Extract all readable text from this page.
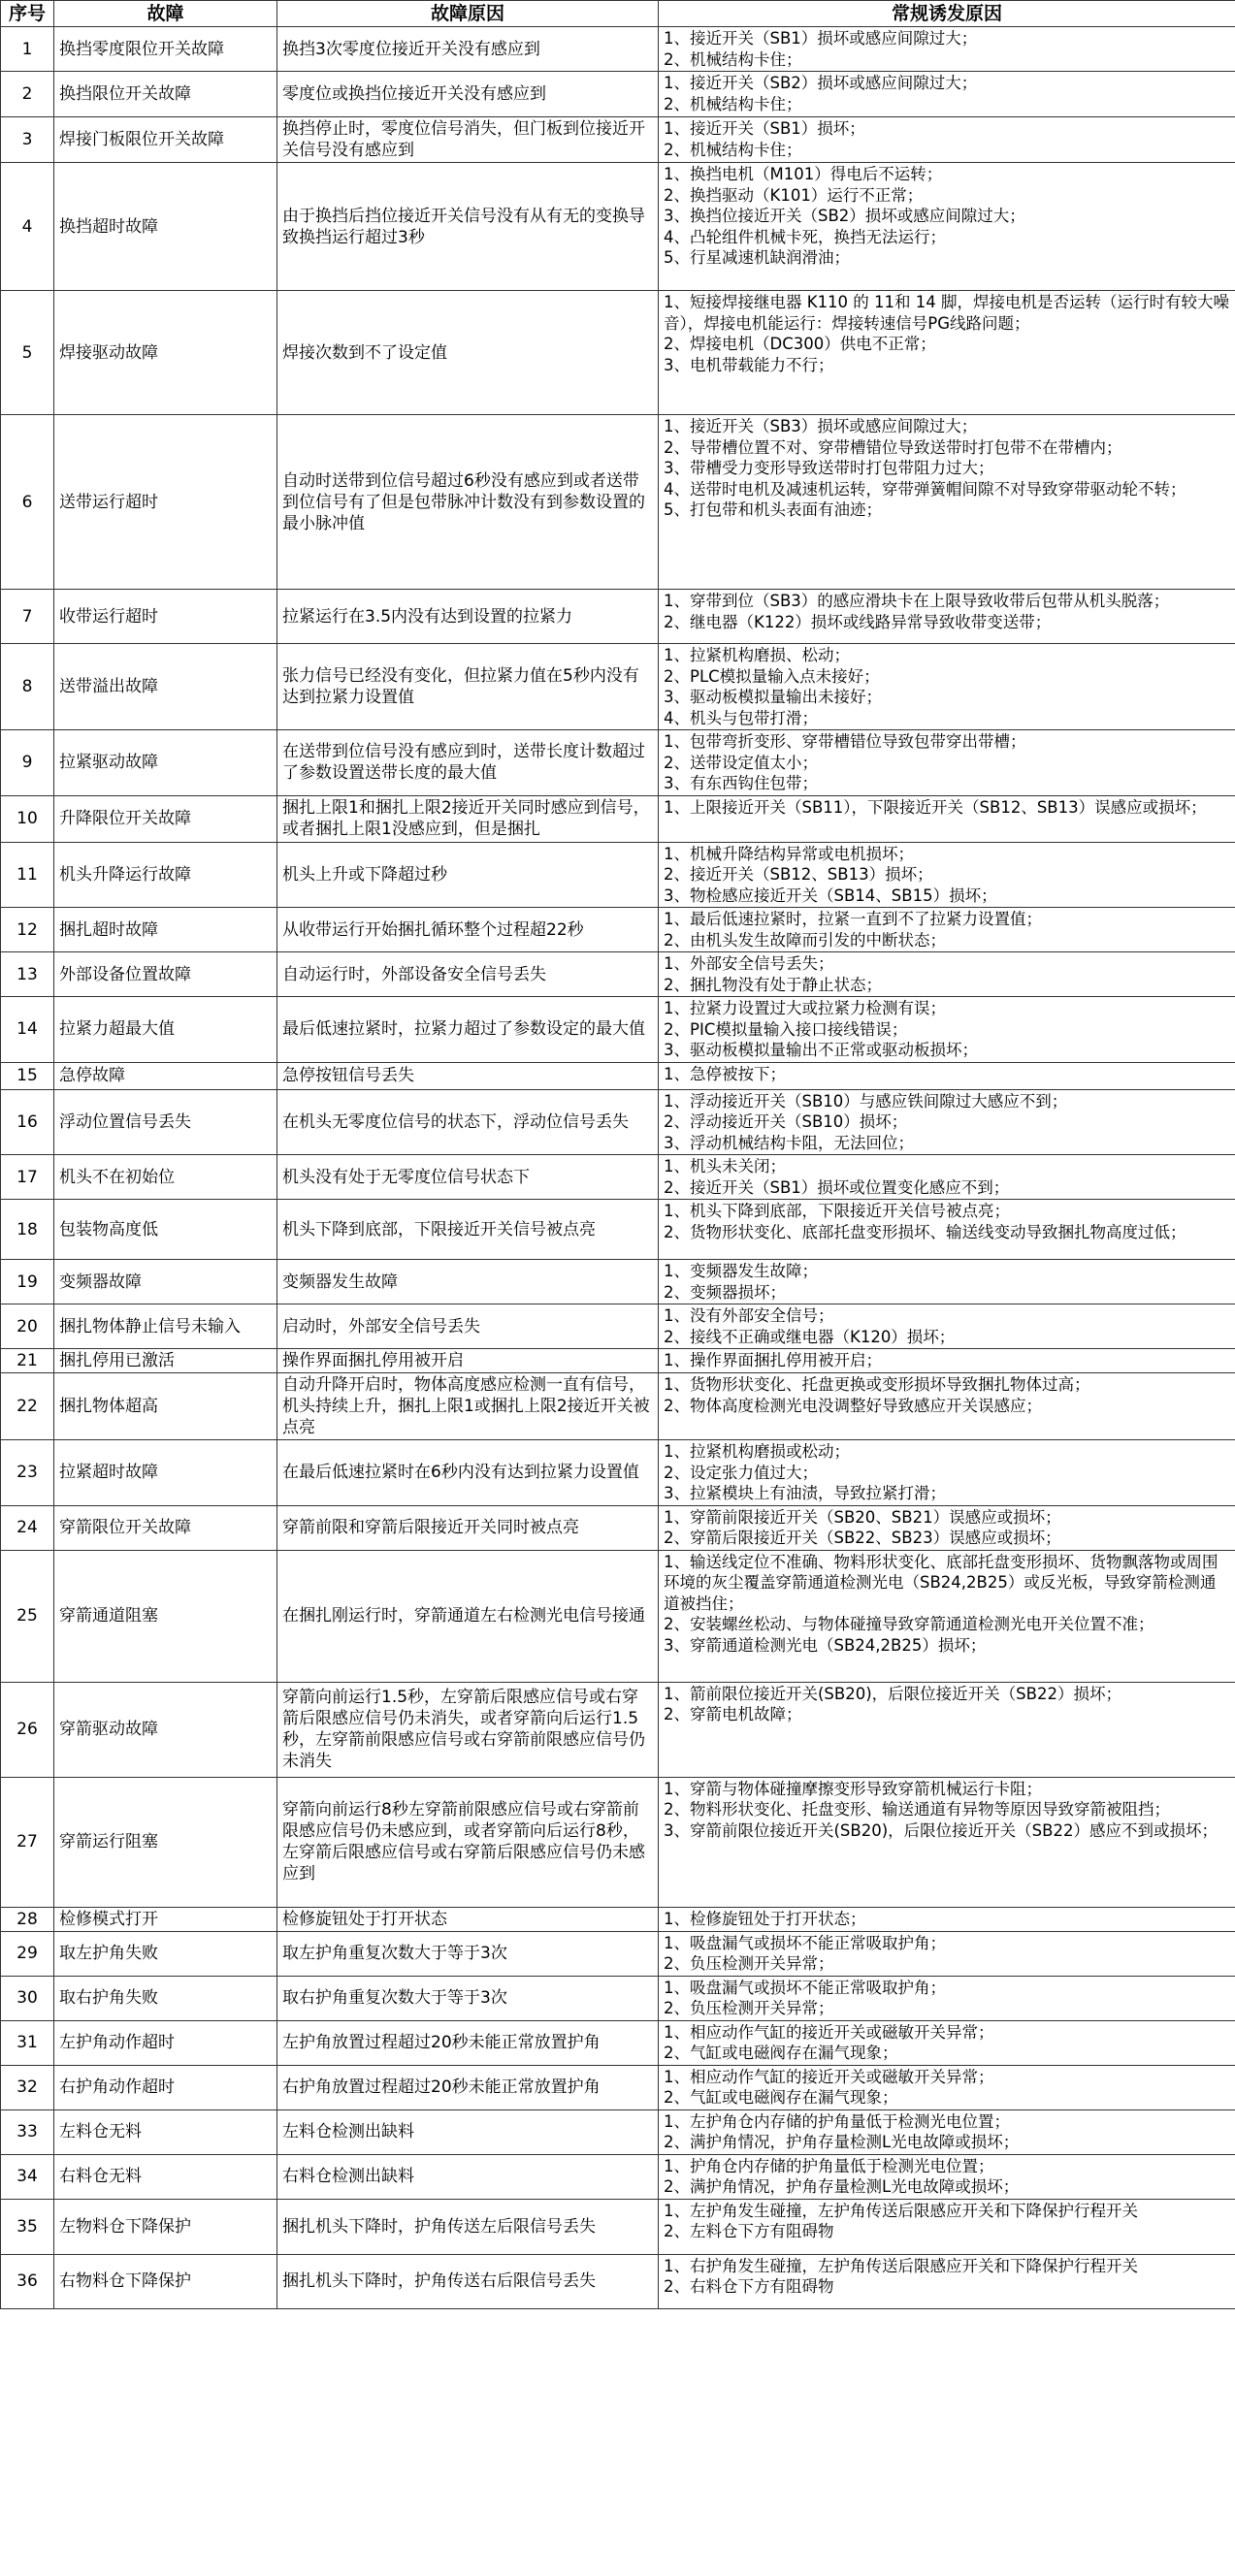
序号	故障	故障原因	常规诱发原因
1	换挡零度限位开关故障	换挡3次零度位接近开关没有感应到	1、接近开关（SB1）损坏或感应间隙过大；
2、机械结构卡住；

2	换挡限位开关故障	零度位或换挡位接近开关没有感应到	1、接近开关（SB2）损坏或感应间隙过大；
2、机械结构卡住；

3	焊接门板限位开关故障	换挡停止时，零度位信号消失，但门板到位接近开关信号没有感应到	1、接近开关（SB1）损坏；
2、机械结构卡住；

4	换挡超时故障	由于换挡后挡位接近开关信号没有从有无的变换导致换挡运行超过3秒	1、换挡电机（M101）得电后不运转；
2、换挡驱动（K101）运行不正常；
3、换挡位接近开关（SB2）损坏或感应间隙过大；
4、凸轮组件机械卡死，换挡无法运行；
5、行星减速机缺润滑油；

5	焊接驱动故障	焊接次数到不了设定值	1、短接焊接继电器 K110 的 11和 14 脚，焊接电机是否运转（运行时有较大噪音），焊接电机能运行：焊接转速信号PG线路问题；
2、焊接电机（DC300）供电不正常；
3、电机带载能力不行；

6	送带运行超时	自动时送带到位信号超过6秒没有感应到或者送带到位信号有了但是包带脉冲计数没有到参数设置的最小脉冲值	1、接近开关（SB3）损坏或感应间隙过大；
2、导带槽位置不对、穿带槽错位导致送带时打包带不在带槽内；
3、带槽受力变形导致送带时打包带阻力过大；
4、送带时电机及减速机运转，穿带弹簧帽间隙不对导致穿带驱动轮不转；
5、打包带和机头表面有油迹；

7	收带运行超时	拉紧运行在3.5内没有达到设置的拉紧力	1、穿带到位（SB3）的感应滑块卡在上限导致收带后包带从机头脱落；
2、继电器（K122）损坏或线路异常导致收带变送带；

8	送带溢出故障	张力信号已经没有变化，但拉紧力值在5秒内没有达到拉紧力设置值	1、拉紧机构磨损、松动；
2、PLC模拟量输入点未接好；
3、驱动板模拟量输出未接好；
4、机头与包带打滑；

9	拉紧驱动故障	在送带到位信号没有感应到时，送带长度计数超过了参数设置送带长度的最大值	1、包带弯折变形、穿带槽错位导致包带穿出带槽；
2、送带设定值太小；
3、有东西钩住包带；

10	升降限位开关故障	捆扎上限1和捆扎上限2接近开关同时感应到信号，或者捆扎上限1没感应到，但是捆扎	1、上限接近开关（SB11），下限接近开关（SB12、SB13）误感应或损坏；

11	机头升降运行故障	机头上升或下降超过秒	1、机械升降结构异常或电机损坏；
2、接近开关（SB12、SB13）损坏；
3、物检感应接近开关（SB14、SB15）损坏；

12	捆扎超时故障	从收带运行开始捆扎循环整个过程超22秒	1、最后低速拉紧时，拉紧一直到不了拉紧力设置值；
2、由机头发生故障而引发的中断状态；

13	外部设备位置故障	自动运行时，外部设备安全信号丢失	1、外部安全信号丢失；
2、捆扎物没有处于静止状态；

14	拉紧力超最大值	最后低速拉紧时，拉紧力超过了参数设定的最大值	1、拉紧力设置过大或拉紧力检测有误；
2、PIC模拟量输入接口接线错误；
3、驱动板模拟量输出不正常或驱动板损坏；

15	急停故障	急停按钮信号丢失	1、急停被按下；

16	浮动位置信号丢失	在机头无零度位信号的状态下，浮动位信号丢失	1、浮动接近开关（SB10）与感应铁间隙过大感应不到；
2、浮动接近开关（SB10）损坏；
3、浮动机械结构卡阻，无法回位；

17	机头不在初始位	机头没有处于无零度位信号状态下	1、机头未关闭；
2、接近开关（SB1）损坏或位置变化感应不到；

18	包装物高度低	机头下降到底部，下限接近开关信号被点亮	1、机头下降到底部，下限接近开关信号被点亮；
2、货物形状变化、底部托盘变形损坏、输送线变动导致捆扎物高度过低；

19	变频器故障	变频器发生故障	1、变频器发生故障；
2、变频器损坏；

20	捆扎物体静止信号未输入	启动时，外部安全信号丢失	1、没有外部安全信号；
2、接线不正确或继电器（K120）损坏；

21	捆扎停用已激活	操作界面捆扎停用被开启	1、操作界面捆扎停用被开启；

22	捆扎物体超高	自动升降开启时，物体高度感应检测一直有信号，机头持续上升，捆扎上限1或捆扎上限2接近开关被点亮	1、货物形状变化、托盘更换或变形损坏导致捆扎物体过高；
2、物体高度检测光电没调整好导致感应开关误感应；

23	拉紧超时故障	在最后低速拉紧时在6秒内没有达到拉紧力设置值	1、拉紧机构磨损或松动；
2、设定张力值过大；
3、拉紧模块上有油渍，导致拉紧打滑；

24	穿箭限位开关故障	穿箭前限和穿箭后限接近开关同时被点亮	1、穿箭前限接近开关（SB20、SB21）误感应或损坏；
2、穿箭后限接近开关（SB22、SB23）误感应或损坏；

25	穿箭通道阻塞	在捆扎刚运行时，穿箭通道左右检测光电信号接通	1、输送线定位不准确、物料形状变化、底部托盘变形损坏、货物飘落物或周围环境的灰尘覆盖穿箭通道检测光电（SB24,2B25）或反光板，导致穿箭检测通道被挡住；
2、安装螺丝松动、与物体碰撞导致穿箭通道检测光电开关位置不准；
3、穿箭通道检测光电（SB24,2B25）损坏；

26	穿箭驱动故障	穿箭向前运行1.5秒，左穿箭后限感应信号或右穿箭后限感应信号仍未消失，或者穿箭向后运行1.5秒，左穿箭前限感应信号或右穿箭前限感应信号仍未消失	1、箭前限位接近开关(SB20)，后限位接近开关（SB22）损坏；
2、穿箭电机故障；

27	穿箭运行阻塞	穿箭向前运行8秒左穿箭前限感应信号或右穿箭前限感应信号仍未感应到，或者穿箭向后运行8秒，左穿箭后限感应信号或右穿箭后限感应信号仍未感应到	1、穿箭与物体碰撞摩擦变形导致穿箭机械运行卡阻；
2、物料形状变化、托盘变形、输送通道有异物等原因导致穿箭被阻挡；
3、穿箭前限位接近开关(SB20)，后限位接近开关（SB22）感应不到或损坏；

28	检修模式打开	检修旋钮处于打开状态	1、检修旋钮处于打开状态；

29	取左护角失败	取左护角重复次数大于等于3次	1、吸盘漏气或损坏不能正常吸取护角；
2、负压检测开关异常；

30	取右护角失败	取右护角重复次数大于等于3次	1、吸盘漏气或损坏不能正常吸取护角；
2、负压检测开关异常；

31	左护角动作超时	左护角放置过程超过20秒未能正常放置护角	1、相应动作气缸的接近开关或磁敏开关异常；
2、气缸或电磁阀存在漏气现象；

32	右护角动作超时	右护角放置过程超过20秒未能正常放置护角	1、相应动作气缸的接近开关或磁敏开关异常；
2、气缸或电磁阀存在漏气现象；

33	左料仓无料	左料仓检测出缺料	1、左护角仓内存储的护角量低于检测光电位置；
2、满护角情况，护角存量检测L光电故障或损坏；

34	右料仓无料	右料仓检测出缺料	1、护角仓内存储的护角量低于检测光电位置；
2、满护角情况，护角存量检测L光电故障或损坏；

35	左物料仓下降保护	捆扎机头下降时，护角传送左后限信号丢失	1、左护角发生碰撞，左护角传送后限感应开关和下降保护行程开关
2、左料仓下方有阻碍物

36	右物料仓下降保护	捆扎机头下降时，护角传送右后限信号丢失	1、右护角发生碰撞，左护角传送后限感应开关和下降保护行程开关
2、右料仓下方有阻碍物
